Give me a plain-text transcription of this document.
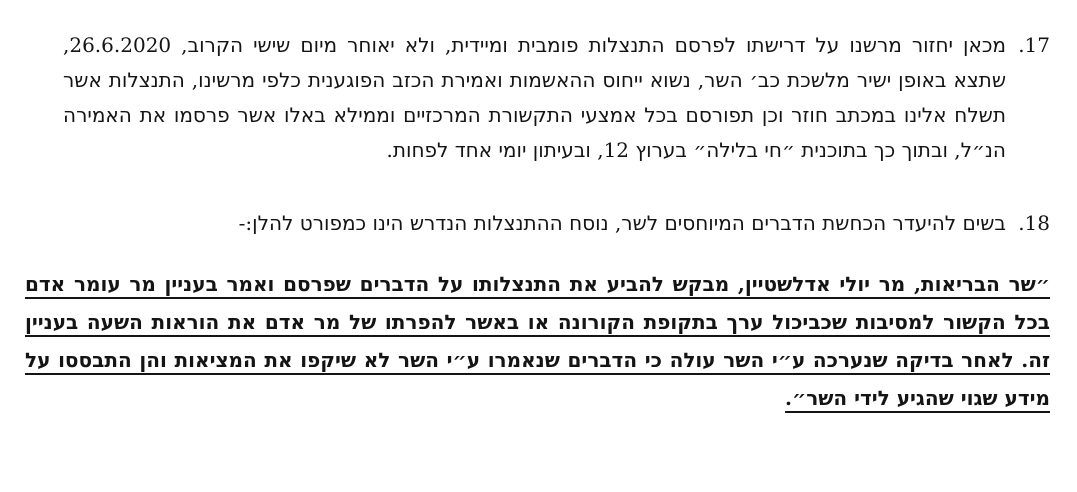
17.
מכאן יחזור מרשנו על דרישתו לפרסם התנצלות פומבית ומיידית, ולא יאוחר מיום שישי הקרוב, 26.6.2020, שתצא באופן ישיר מלשכת כב׳ השר, נשוא ייחוס ההאשמות ואמירת הכזב הפוגענית כלפי מרשינו, התנצלות אשר תשלח אלינו במכתב חוזר וכן תפורסם בכל אמצעי התקשורת המרכזיים וממילא באלו אשר פרסמו את האמירה הנ״ל, ובתוך כך בתוכנית ״חי בלילה״ בערוץ 12, ובעיתון יומי אחד לפחות.
18.
בשים להיעדר הכחשת הדברים המיוחסים לשר, נוסח ההתנצלות הנדרש הינו כמפורט להלן:-
״שר הבריאות, מר יולי אדלשטיין, מבקש להביע את התנצלותו על הדברים שפרסם ואמר בעניין מר עומר אדם בכל הקשור למסיבות שכביכול ערך בתקופת הקורונה או באשר להפרתו של מר אדם את הוראות השעה בעניין זה. לאחר בדיקה שנערכה ע״י השר עולה כי הדברים שנאמרו ע״י השר לא שיקפו את המציאות והן התבססו על מידע שגוי שהגיע לידי השר״.
